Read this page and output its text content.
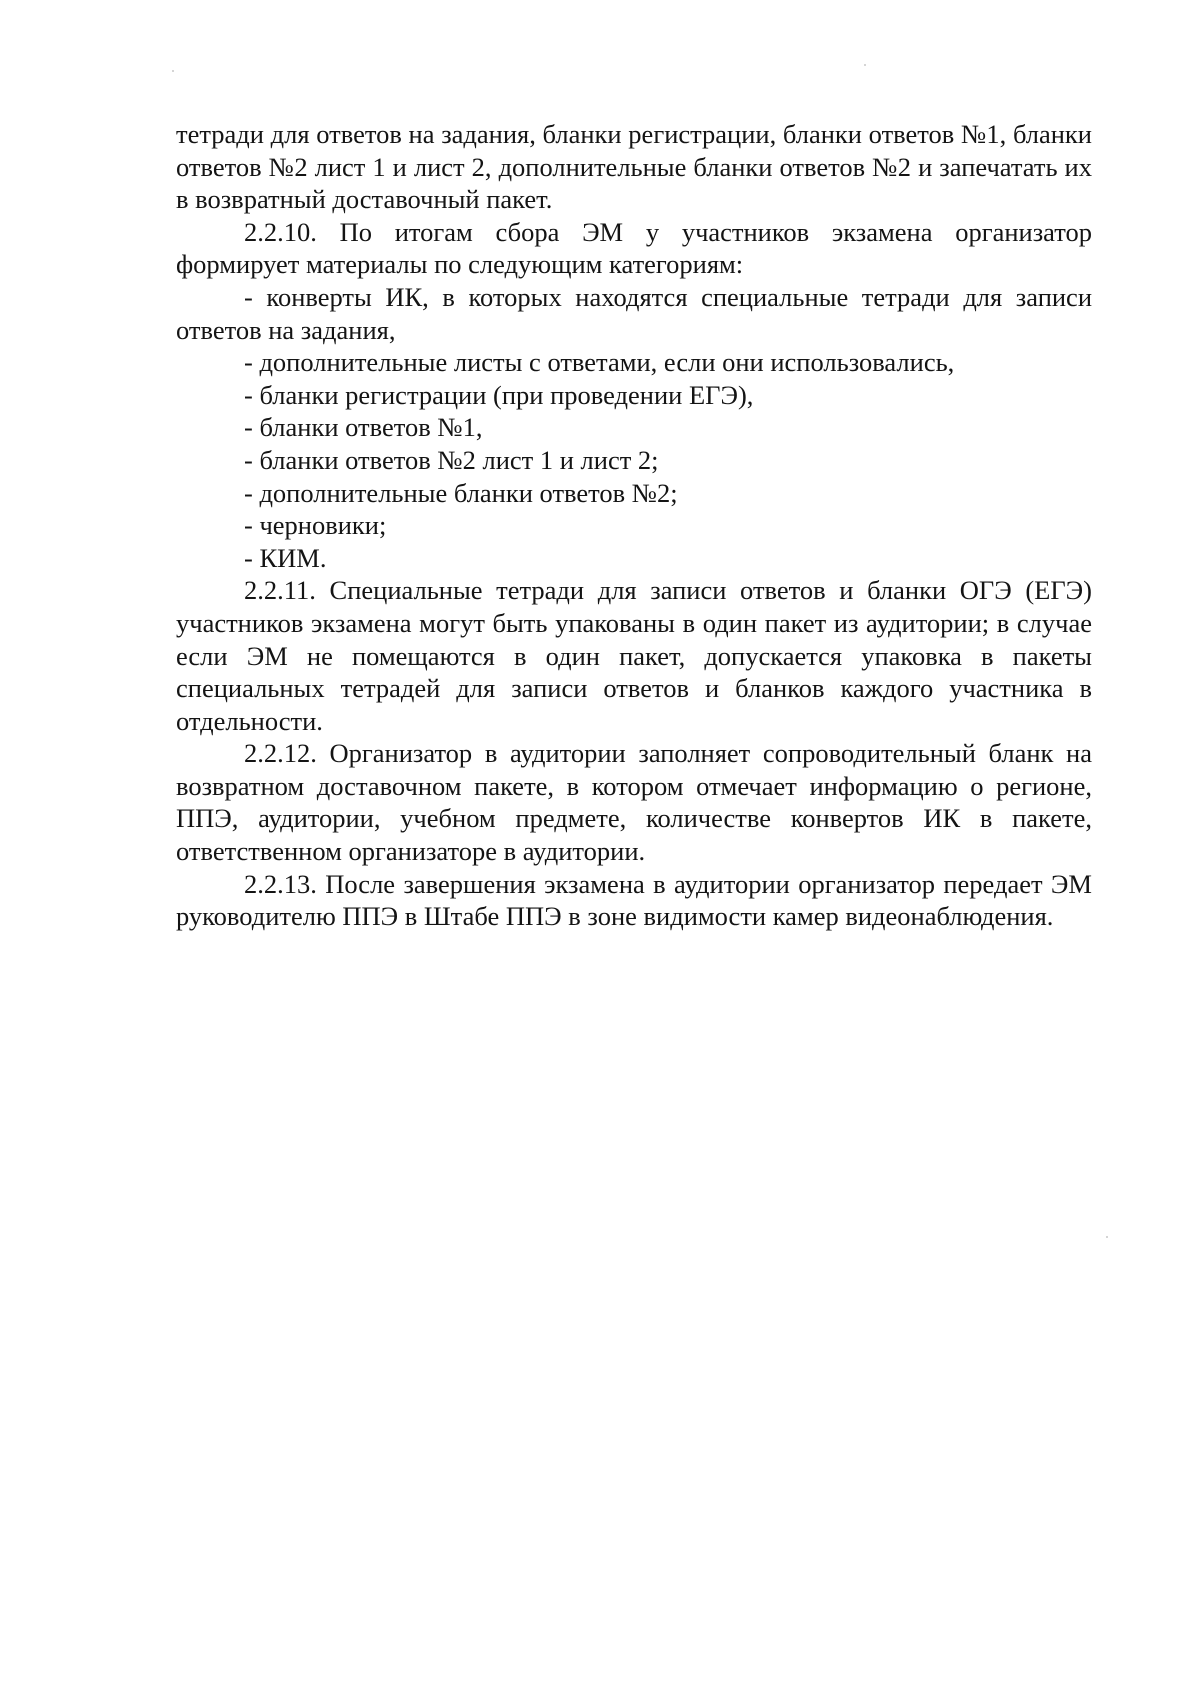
тетради для ответов на задания, бланки регистрации, бланки ответов №1, бланки ответов №2 лист 1 и лист 2, дополнительные бланки ответов №2 и запечатать их в возвратный доставочный пакет.

2.2.10. По итогам сбора ЭМ у участников экзамена организатор формирует материалы по следующим категориям:

- конверты ИК, в которых находятся специальные тетради для записи ответов на задания,

- дополнительные листы с ответами, если они использовались,

- бланки регистрации (при проведении ЕГЭ),

- бланки ответов №1,

- бланки ответов №2 лист 1 и лист 2;

- дополнительные бланки ответов №2;

- черновики;

- КИМ.

2.2.11. Специальные тетради для записи ответов и бланки ОГЭ (ЕГЭ) участников экзамена могут быть упакованы в один пакет из аудитории; в случае если ЭМ не помещаются в один пакет, допускается упаковка в пакеты специальных тетрадей для записи ответов и бланков каждого участника в отдельности.

2.2.12. Организатор в аудитории заполняет сопроводительный бланк на возвратном доставочном пакете, в котором отмечает информацию о регионе, ППЭ, аудитории, учебном предмете, количестве конвертов ИК в пакете, ответственном организаторе в аудитории.

2.2.13. После завершения экзамена в аудитории организатор передает ЭМ руководителю ППЭ в Штабе ППЭ в зоне видимости камер видеонаблюдения.
